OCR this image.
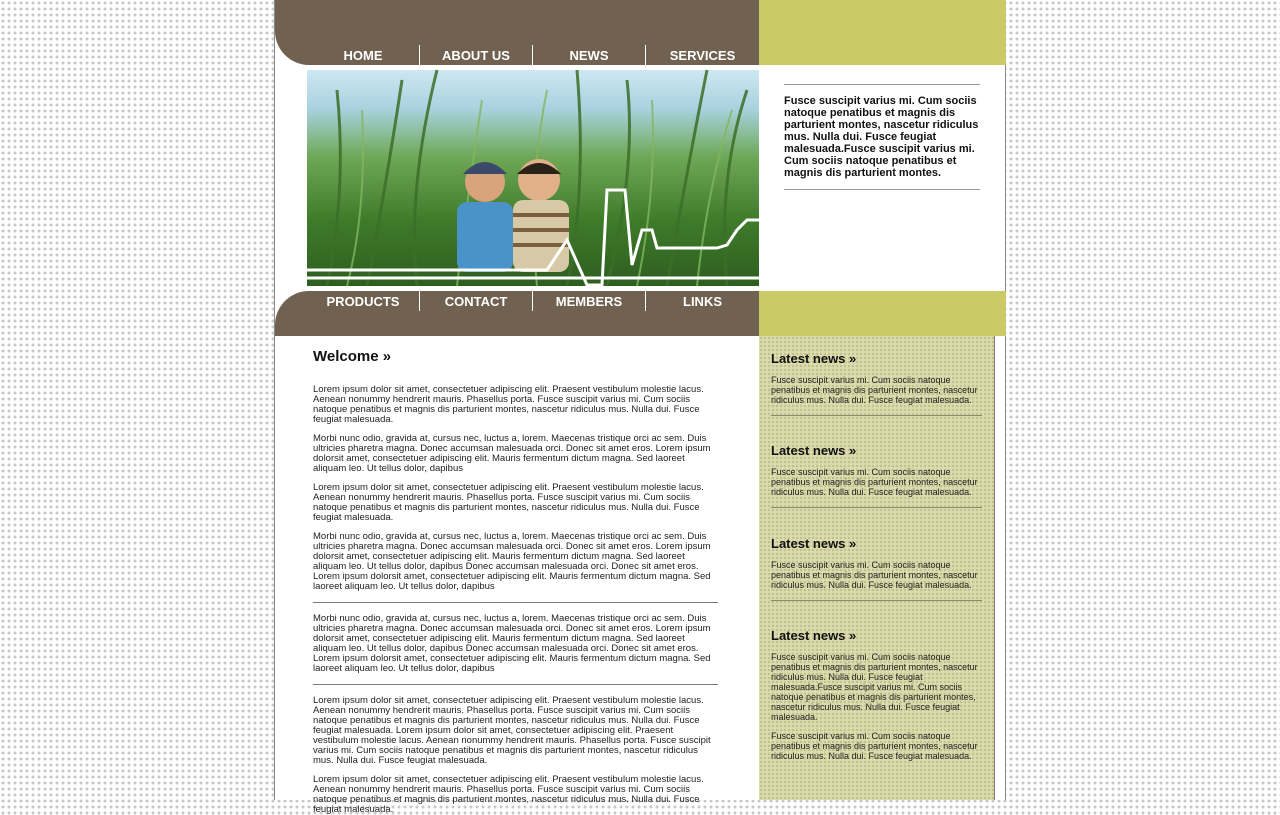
HOME	ABOUT US	NEWS	SERVICES
Fusce suscipit varius mi. Cum sociis natoque penatibus et magnis dis parturient montes, nascetur ridiculus mus. Nulla dui. Fusce feugiat malesuada.Fusce suscipit varius mi. Cum sociis natoque penatibus et magnis dis parturient montes.
PRODUCTS	CONTACT	MEMBERS	LINKS
Welcome »

Lorem ipsum dolor sit amet, consectetuer adipiscing elit. Praesent vestibulum molestie lacus. Aenean nonummy hendrerit mauris. Phasellus porta. Fusce suscipit varius mi. Cum sociis natoque penatibus et magnis dis parturient montes, nascetur ridiculus mus. Nulla dui. Fusce feugiat malesuada.

Morbi nunc odio, gravida at, cursus nec, luctus a, lorem. Maecenas tristique orci ac sem. Duis ultricies pharetra magna. Donec accumsan malesuada orci. Donec sit amet eros. Lorem ipsum dolorsit amet, consectetuer adipiscing elit. Mauris fermentum dictum magna. Sed laoreet aliquam leo. Ut tellus dolor, dapibus

Lorem ipsum dolor sit amet, consectetuer adipiscing elit. Praesent vestibulum molestie lacus. Aenean nonummy hendrerit mauris. Phasellus porta. Fusce suscipit varius mi. Cum sociis natoque penatibus et magnis dis parturient montes, nascetur ridiculus mus. Nulla dui. Fusce feugiat malesuada.

Morbi nunc odio, gravida at, cursus nec, luctus a, lorem. Maecenas tristique orci ac sem. Duis ultricies pharetra magna. Donec accumsan malesuada orci. Donec sit amet eros. Lorem ipsum dolorsit amet, consectetuer adipiscing elit. Mauris fermentum dictum magna. Sed laoreet aliquam leo. Ut tellus dolor, dapibus Donec accumsan malesuada orci. Donec sit amet eros. Lorem ipsum dolorsit amet, consectetuer adipiscing elit. Mauris fermentum dictum magna. Sed laoreet aliquam leo. Ut tellus dolor, dapibus

Morbi nunc odio, gravida at, cursus nec, luctus a, lorem. Maecenas tristique orci ac sem. Duis ultricies pharetra magna. Donec accumsan malesuada orci. Donec sit amet eros. Lorem ipsum dolorsit amet, consectetuer adipiscing elit. Mauris fermentum dictum magna. Sed laoreet aliquam leo. Ut tellus dolor, dapibus Donec accumsan malesuada orci. Donec sit amet eros. Lorem ipsum dolorsit amet, consectetuer adipiscing elit. Mauris fermentum dictum magna. Sed laoreet aliquam leo. Ut tellus dolor, dapibus

Lorem ipsum dolor sit amet, consectetuer adipiscing elit. Praesent vestibulum molestie lacus. Aenean nonummy hendrerit mauris. Phasellus porta. Fusce suscipit varius mi. Cum sociis natoque penatibus et magnis dis parturient montes, nascetur ridiculus mus. Nulla dui. Fusce feugiat malesuada. Lorem ipsum dolor sit amet, consectetuer adipiscing elit. Praesent vestibulum molestie lacus. Aenean nonummy hendrerit mauris. Phasellus porta. Fusce suscipit varius mi. Cum sociis natoque penatibus et magnis dis parturient montes, nascetur ridiculus mus. Nulla dui. Fusce feugiat malesuada.

Lorem ipsum dolor sit amet, consectetuer adipiscing elit. Praesent vestibulum molestie lacus. Aenean nonummy hendrerit mauris. Phasellus porta. Fusce suscipit varius mi. Cum sociis natoque penatibus et magnis dis parturient montes, nascetur ridiculus mus. Nulla dui. Fusce feugiat malesuada.

Latest news »

Fusce suscipit varius mi. Cum sociis natoque penatibus et magnis dis parturient montes, nascetur ridiculus mus. Nulla dui. Fusce feugiat malesuada.

Latest news »

Fusce suscipit varius mi. Cum sociis natoque penatibus et magnis dis parturient montes, nascetur ridiculus mus. Nulla dui. Fusce feugiat malesuada.

Latest news »

Fusce suscipit varius mi. Cum sociis natoque penatibus et magnis dis parturient montes, nascetur ridiculus mus. Nulla dui. Fusce feugiat malesuada.

Latest news »

Fusce suscipit varius mi. Cum sociis natoque penatibus et magnis dis parturient montes, nascetur ridiculus mus. Nulla dui. Fusce feugiat malesuada.Fusce suscipit varius mi. Cum sociis natoque penatibus et magnis dis parturient montes, nascetur ridiculus mus. Nulla dui. Fusce feugiat malesuada.

Fusce suscipit varius mi. Cum sociis natoque penatibus et magnis dis parturient montes, nascetur ridiculus mus. Nulla dui. Fusce feugiat malesuada.
